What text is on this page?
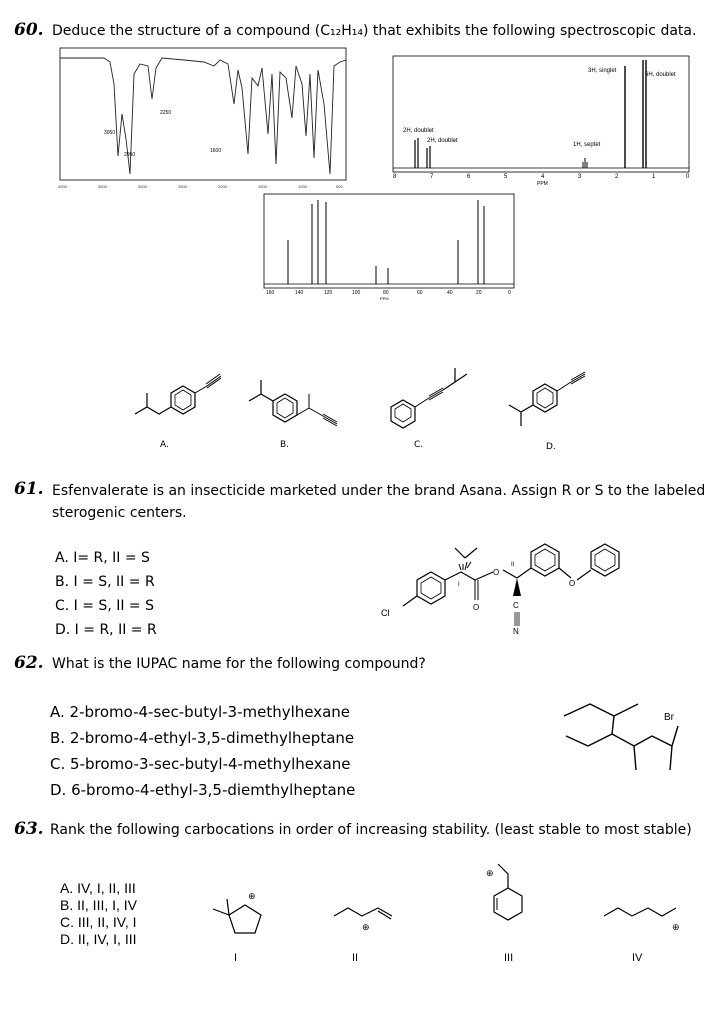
60. Deduce the structure of a compound (C₁₂H₁₄) that exhibits the following spectroscopic data.
2250
3050
2950
1600
4000	3500	3000	2500	2000	1500	1000	500
3H, singlet
6H, doublet
2H, doublet
2H, doublet
1H, septet
8	7	6	5	4	3	2	1	0
PPM
160	140	120	100	80	60	40	20	0
PPM
A.	B.	C.	D.
61. Esfenvalerate is an insecticide marketed under the brand Asana. Assign R or S to the labeled
sterogenic centers.
A. I= R, II = S
B. I = S, II = R
C. I = S, II = S
D. I = R, II = R
Cl
I
O
O
II
C
N
O
62. What is the IUPAC name for the following compound?
A. 2-bromo-4-sec-butyl-3-methylhexane
B. 2-bromo-4-ethyl-3,5-dimethylheptane
C. 5-bromo-3-sec-butyl-4-methylhexane
D. 6-bromo-4-ethyl-3,5-diemthylheptane
Br
63. Rank the following carbocations in order of increasing stability. (least stable to most stable)
A. IV, I, II, III
B. II, III, I, IV
C. III, II, IV, I
D. II, IV, I, III
⊕
I
⊕
II
⊕
III
⊕
IV
